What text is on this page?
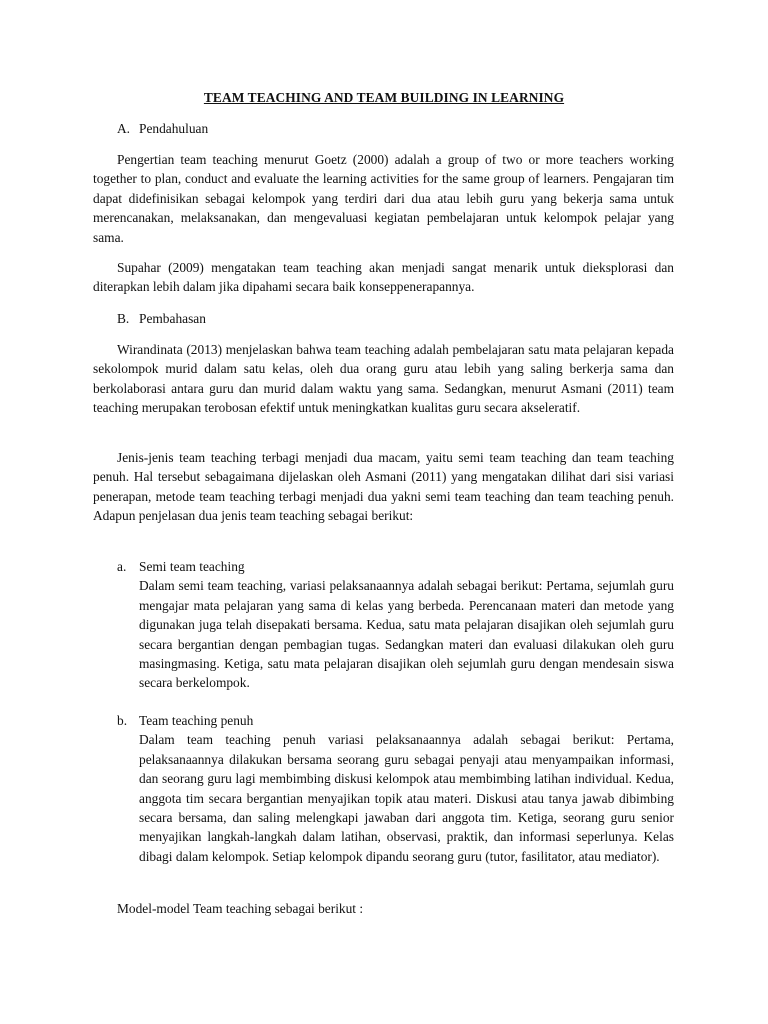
TEAM TEACHING AND TEAM BUILDING IN LEARNING
A. Pendahuluan

Pengertian team teaching menurut Goetz (2000) adalah a group of two or more teachers working together to plan, conduct and evaluate the learning activities for the same group of learners. Pengajaran tim dapat didefinisikan sebagai kelompok yang terdiri dari dua atau lebih guru yang bekerja sama untuk merencanakan, melaksanakan, dan mengevaluasi kegiatan pembelajaran untuk kelompok pelajar yang sama.

Supahar (2009) mengatakan team teaching akan menjadi sangat menarik untuk dieksplorasi dan diterapkan lebih dalam jika dipahami secara baik konseppenerapannya.

B. Pembahasan

Wirandinata (2013) menjelaskan bahwa team teaching adalah pembelajaran satu mata pelajaran kepada sekolompok murid dalam satu kelas, oleh dua orang guru atau lebih yang saling berkerja sama dan berkolaborasi antara guru dan murid dalam waktu yang sama. Sedangkan, menurut Asmani (2011) team teaching merupakan terobosan efektif untuk meningkatkan kualitas guru secara akseleratif.

Jenis-jenis team teaching terbagi menjadi dua macam, yaitu semi team teaching dan team teaching penuh. Hal tersebut sebagaimana dijelaskan oleh Asmani (2011) yang mengatakan dilihat dari sisi variasi penerapan, metode team teaching terbagi menjadi dua yakni semi team teaching dan team teaching penuh. Adapun penjelasan dua jenis team teaching sebagai berikut:

a. Semi team teaching

Dalam semi team teaching, variasi pelaksanaannya adalah sebagai berikut: Pertama, sejumlah guru mengajar mata pelajaran yang sama di kelas yang berbeda. Perencanaan materi dan metode yang digunakan juga telah disepakati bersama. Kedua, satu mata pelajaran disajikan oleh sejumlah guru secara bergantian dengan pembagian tugas. Sedangkan materi dan evaluasi dilakukan oleh guru masingmasing. Ketiga, satu mata pelajaran disajikan oleh sejumlah guru dengan mendesain siswa secara berkelompok.

b. Team teaching penuh

Dalam team teaching penuh variasi pelaksanaannya adalah sebagai berikut: Pertama, pelaksanaannya dilakukan bersama seorang guru sebagai penyaji atau menyampaikan informasi, dan seorang guru lagi membimbing diskusi kelompok atau membimbing latihan individual. Kedua, anggota tim secara bergantian menyajikan topik atau materi. Diskusi atau tanya jawab dibimbing secara bersama, dan saling melengkapi jawaban dari anggota tim. Ketiga, seorang guru senior menyajikan langkah-langkah dalam latihan, observasi, praktik, dan informasi seperlunya. Kelas dibagi dalam kelompok. Setiap kelompok dipandu seorang guru (tutor, fasilitator, atau mediator).

Model-model Team teaching sebagai berikut :
